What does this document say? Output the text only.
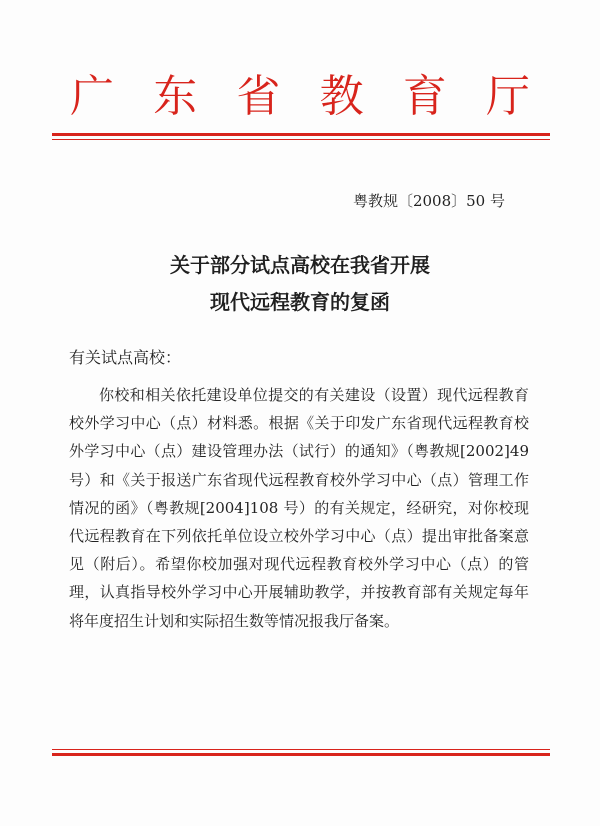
广 东 省 教 育 厅
粤教规〔2008〕50 号
关于部分试点高校在我省开展
现代远程教育的复函
有关试点高校：
你校和相关依托建设单位提交的有关建设（设置）现代远程教育校外学习中心（点）材料悉。根据《关于印发广东省现代远程教育校外学习中心（点）建设管理办法（试行）的通知》（粤教规[2002]49 号）和《关于报送广东省现代远程教育校外学习中心（点）管理工作情况的函》（粤教规[2004]108 号）的有关规定，经研究，对你校现代远程教育在下列依托单位设立校外学习中心（点）提出审批备案意见（附后）。希望你校加强对现代远程教育校外学习中心（点）的管理，认真指导校外学习中心开展辅助教学，并按教育部有关规定每年将年度招生计划和实际招生数等情况报我厅备案。
